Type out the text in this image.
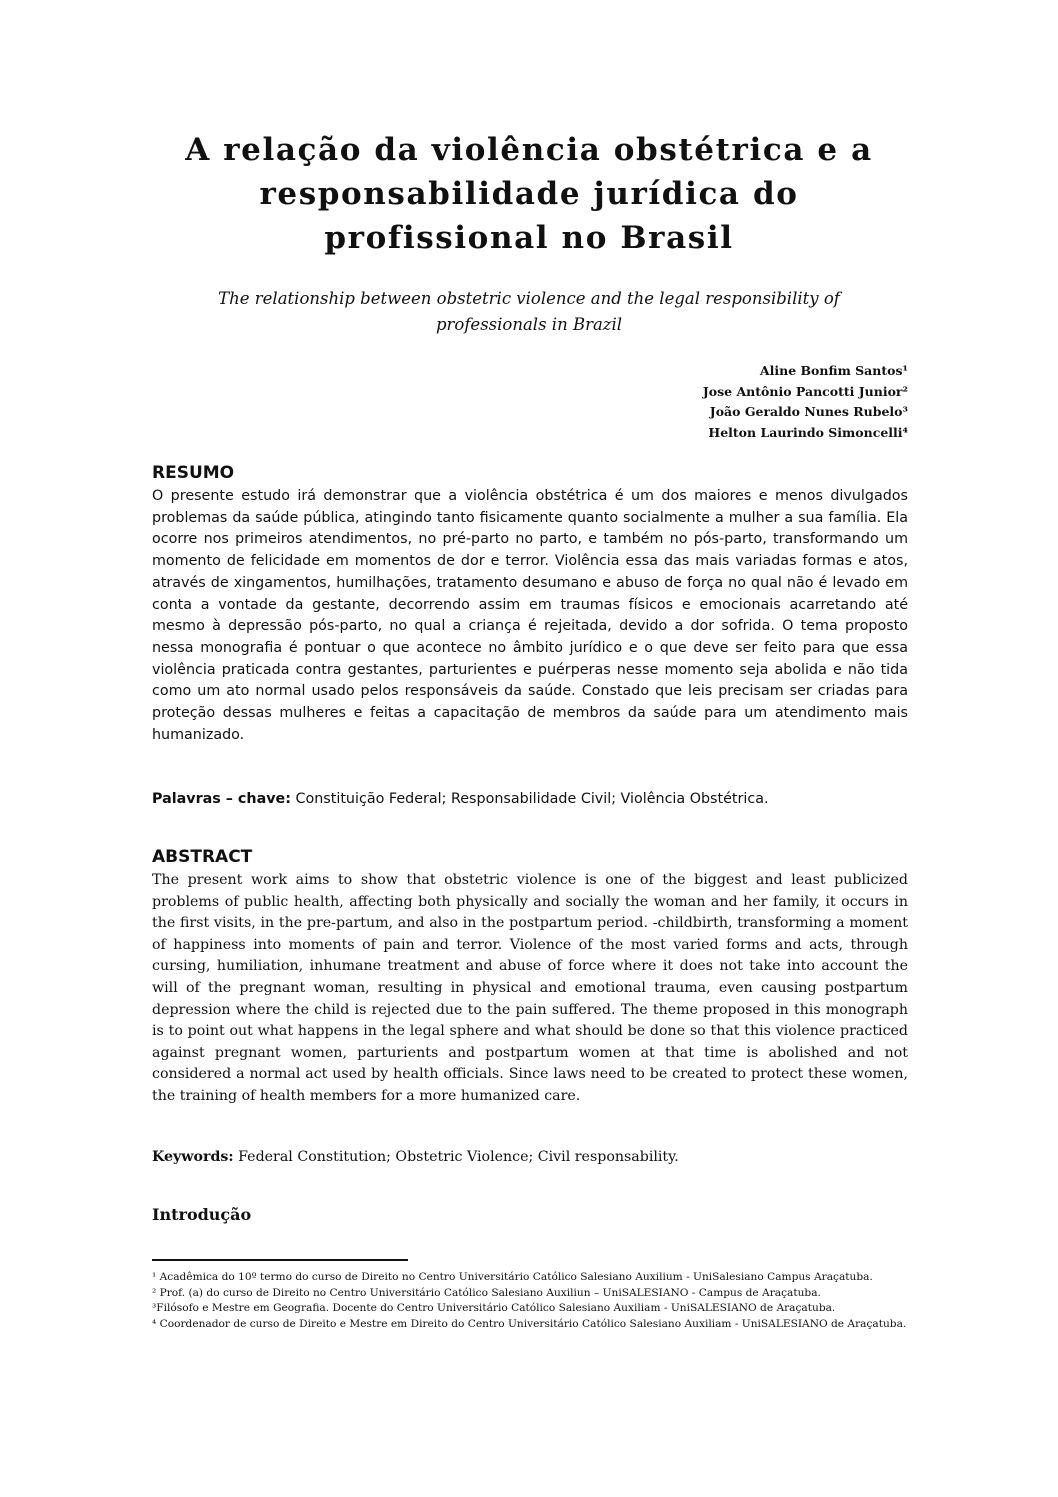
A relação da violência obstétrica e a
responsabilidade jurídica do
profissional no Brasil

The relationship between obstetric violence and the legal responsibility of
professionals in Brazil

Aline Bonfim Santos¹
Jose Antônio Pancotti Junior²
João Geraldo Nunes Rubelo³
Helton Laurindo Simoncelli⁴
RESUMO

O presente estudo irá demonstrar que a violência obstétrica é um dos maiores e menos divulgados problemas da saúde pública, atingindo tanto fisicamente quanto socialmente a mulher a sua família. Ela ocorre nos primeiros atendimentos, no pré-parto no parto, e também no pós-parto, transformando um momento de felicidade em momentos de dor e terror. Violência essa das mais variadas formas e atos, através de xingamentos, humilhações, tratamento desumano e abuso de força no qual não é levado em conta a vontade da gestante, decorrendo assim em traumas físicos e emocionais acarretando até mesmo à depressão pós-parto, no qual a criança é rejeitada, devido a dor sofrida. O tema proposto nessa monografia é pontuar o que acontece no âmbito jurídico e o que deve ser feito para que essa violência praticada contra gestantes, parturientes e puérperas nesse momento seja abolida e não tida como um ato normal usado pelos responsáveis da saúde. Constado que leis precisam ser criadas para proteção dessas mulheres e feitas a capacitação de membros da saúde para um atendimento mais humanizado.

Palavras – chave: Constituição Federal; Responsabilidade Civil; Violência Obstétrica.

ABSTRACT

The present work aims to show that obstetric violence is one of the biggest and least publicized problems of public health, affecting both physically and socially the woman and her family, it occurs in the first visits, in the pre-partum, and also in the postpartum period. -childbirth, transforming a moment of happiness into moments of pain and terror. Violence of the most varied forms and acts, through cursing, humiliation, inhumane treatment and abuse of force where it does not take into account the will of the pregnant woman, resulting in physical and emotional trauma, even causing postpartum depression where the child is rejected due to the pain suffered. The theme proposed in this monograph is to point out what happens in the legal sphere and what should be done so that this violence practiced against pregnant women, parturients and postpartum women at that time is abolished and not considered a normal act used by health officials. Since laws need to be created to protect these women, the training of health members for a more humanized care.

Keywords: Federal Constitution; Obstetric Violence; Civil responsability.

Introdução

¹ Acadêmica do 10º termo do curso de Direito no Centro Universitário Católico Salesiano Auxilium - UniSalesiano Campus Araçatuba.

² Prof. (a) do curso de Direito no Centro Universitário Católico Salesiano Auxiliun – UniSALESIANO - Campus de Araçatuba.

³Filósofo e Mestre em Geografia. Docente do Centro Universitário Católico Salesiano Auxiliam - UniSALESIANO de Araçatuba.

⁴ Coordenador de curso de Direito e Mestre em Direito do Centro Universitário Católico Salesiano Auxiliam - UniSALESIANO de Araçatuba.
